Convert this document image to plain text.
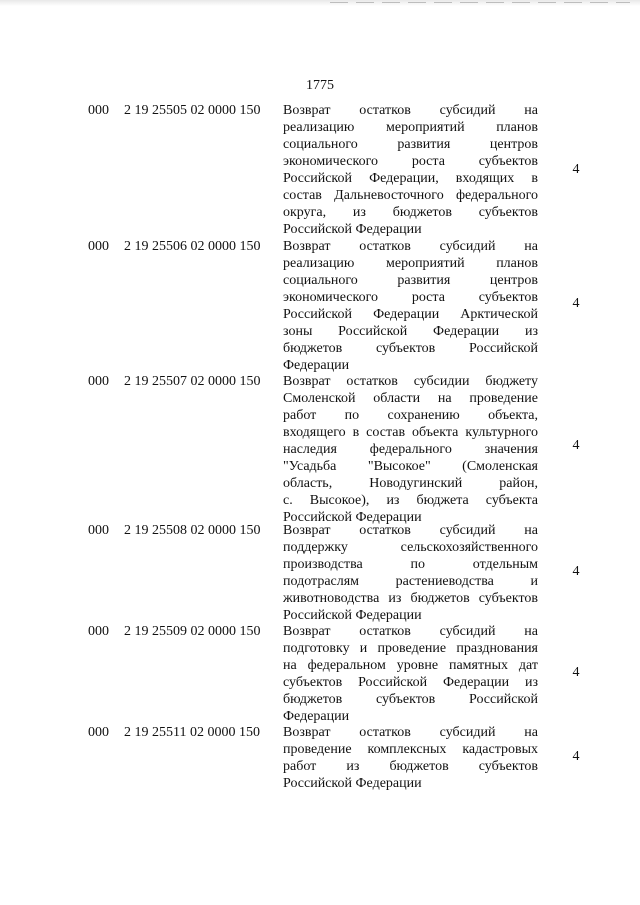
1775
000 2 19 25505 02 0000 150 Возврат остатков субсидий на
реализацию мероприятий планов
социального развития центров
экономического роста субъектов
Российской Федерации, входящих в
состав Дальневосточного федерального
округа, из бюджетов субъектов
Российской Федерации
4
000 2 19 25506 02 0000 150 Возврат остатков субсидий на
реализацию мероприятий планов
социального развития центров
экономического роста субъектов
Российской Федерации Арктической
зоны Российской Федерации из
бюджетов субъектов Российской
Федерации
4
000 2 19 25507 02 0000 150 Возврат остатков субсидии бюджету
Смоленской области на проведение
работ по сохранению объекта,
входящего в состав объекта культурного
наследия федерального значения
"Усадьба "Высокое" (Смоленская
область, Новодугинский район,
с. Высокое), из бюджета субъекта
Российской Федерации
4
000 2 19 25508 02 0000 150 Возврат остатков субсидий на
поддержку сельскохозяйственного
производства по отдельным
подотраслям растениеводства и
животноводства из бюджетов субъектов
Российской Федерации
4
000 2 19 25509 02 0000 150 Возврат остатков субсидий на
подготовку и проведение празднования
на федеральном уровне памятных дат
субъектов Российской Федерации из
бюджетов субъектов Российской
Федерации
4
000 2 19 25511 02 0000 150 Возврат остатков субсидий на
проведение комплексных кадастровых
работ из бюджетов субъектов
Российской Федерации
4
